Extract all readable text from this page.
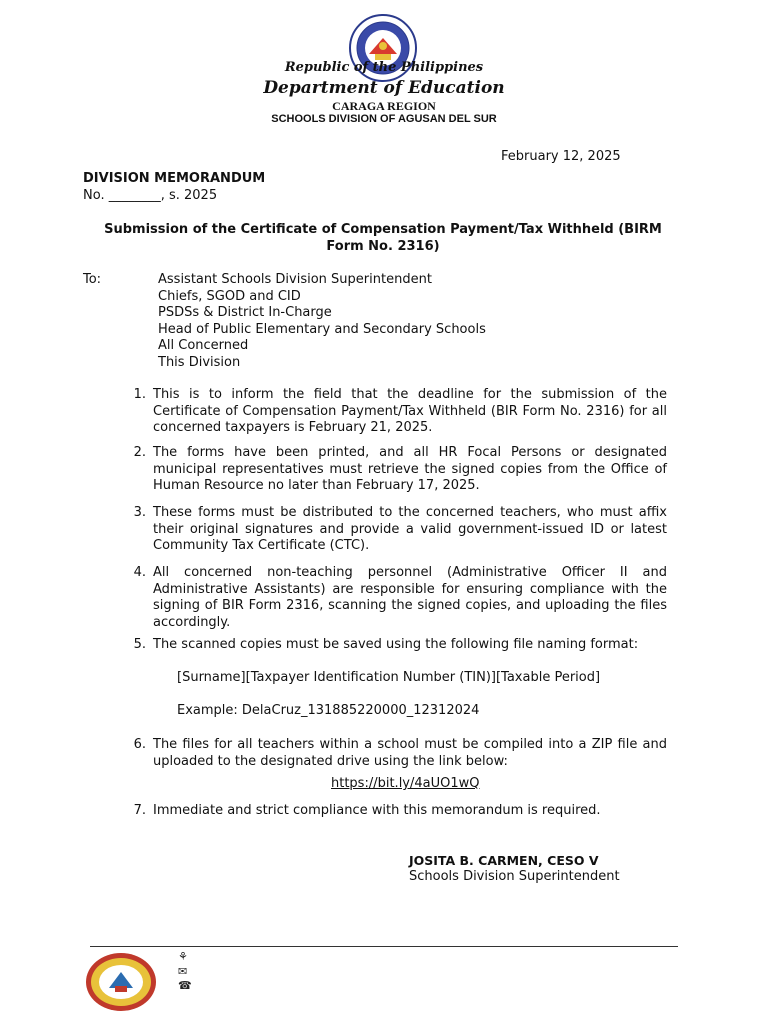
Republic of the Philippines
Department of Education
CARAGA REGION
SCHOOLS DIVISION OF AGUSAN DEL SUR
February 12, 2025
DIVISION MEMORANDUM
No. ________, s. 2025
Submission of the Certificate of Compensation Payment/Tax Withheld (BIRM Form No. 2316)
To:	Assistant Schools Division Superintendent
Chiefs, SGOD and CID
PSDSs & District In-Charge
Head of Public Elementary and Secondary Schools
All Concerned
This Division
1. This is to inform the field that the deadline for the submission of the Certificate of Compensation Payment/Tax Withheld (BIR Form No. 2316) for all concerned taxpayers is February 21, 2025.
2. The forms have been printed, and all HR Focal Persons or designated municipal representatives must retrieve the signed copies from the Office of Human Resource no later than February 17, 2025.
3. These forms must be distributed to the concerned teachers, who must affix their original signatures and provide a valid government-issued ID or latest Community Tax Certificate (CTC).
4. All concerned non-teaching personnel (Administrative Officer II and Administrative Assistants) are responsible for ensuring compliance with the signing of BIR Form 2316, scanning the signed copies, and uploading the files accordingly.
5. The scanned copies must be saved using the following file naming format:
[Surname][Taxpayer Identification Number (TIN)][Taxable Period]
Example: DelaCruz_131885220000_12312024
6. The files for all teachers within a school must be compiled into a ZIP file and uploaded to the designated drive using the link below:
https://bit.ly/4aUO1wQ
7. Immediate and strict compliance with this memorandum is required.
JOSITA B. CARMEN, CESO V
Schools Division Superintendent
⚘
✉
☎
